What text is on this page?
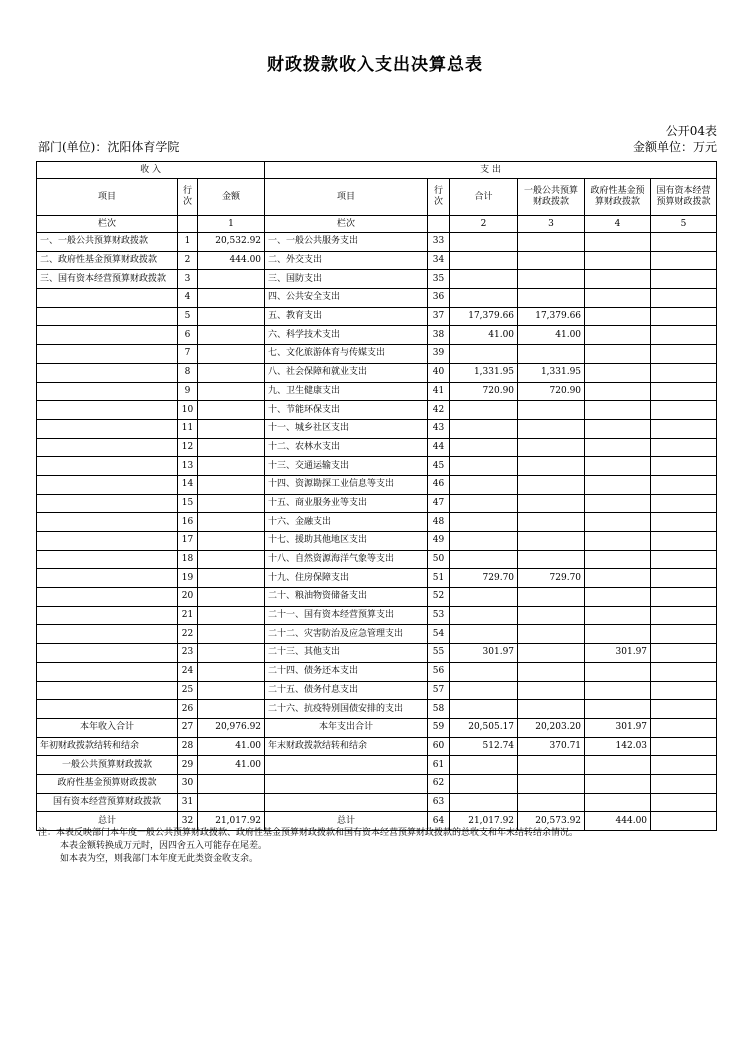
财政拨款收入支出决算总表
公开04表
部门(单位)：沈阳体育学院	金额单位：万元
收 入			支 出					
项目	行次	金额	项目	行次	合计	一般公共预算财政拨款	政府性基金预算财政拨款	国有资本经营预算财政拨款
栏次		1	栏次		2	3	4	5
一、一般公共预算财政拨款	1	20,532.92	一、一般公共服务支出	33				
二、政府性基金预算财政拨款	2	444.00	二、外交支出	34				
三、国有资本经营预算财政拨款	3		三、国防支出	35				
	4		四、公共安全支出	36				
	5		五、教育支出	37	17,379.66	17,379.66		
	6		六、科学技术支出	38	41.00	41.00		
	7		七、文化旅游体育与传媒支出	39				
	8		八、社会保障和就业支出	40	1,331.95	1,331.95		
	9		九、卫生健康支出	41	720.90	720.90		
	10		十、节能环保支出	42				
	11		十一、城乡社区支出	43				
	12		十二、农林水支出	44				
	13		十三、交通运输支出	45				
	14		十四、资源勘探工业信息等支出	46				
	15		十五、商业服务业等支出	47				
	16		十六、金融支出	48				
	17		十七、援助其他地区支出	49				
	18		十八、自然资源海洋气象等支出	50				
	19		十九、住房保障支出	51	729.70	729.70		
	20		二十、粮油物资储备支出	52				
	21		二十一、国有资本经营预算支出	53				
	22		二十二、灾害防治及应急管理支出	54				
	23		二十三、其他支出	55	301.97		301.97	
	24		二十四、债务还本支出	56				
	25		二十五、债务付息支出	57				
	26		二十六、抗疫特别国债安排的支出	58				
本年收入合计	27	20,976.92	本年支出合计	59	20,505.17	20,203.20	301.97	
年初财政拨款结转和结余	28	41.00	年末财政拨款结转和结余	60	512.74	370.71	142.03	
一般公共预算财政拨款	29	41.00		61				
政府性基金预算财政拨款	30			62				
国有资本经营预算财政拨款	31			63				
总计	32	21,017.92	总计	64	21,017.92	20,573.92	444.00	
注：本表反映部门本年度一般公共预算财政拨款、政府性基金预算财政拨款和国有资本经营预算财政拨款的总收支和年末结转结余情况。
本表金额转换成万元时，因四舍五入可能存在尾差。
如本表为空，则我部门本年度无此类资金收支余。
